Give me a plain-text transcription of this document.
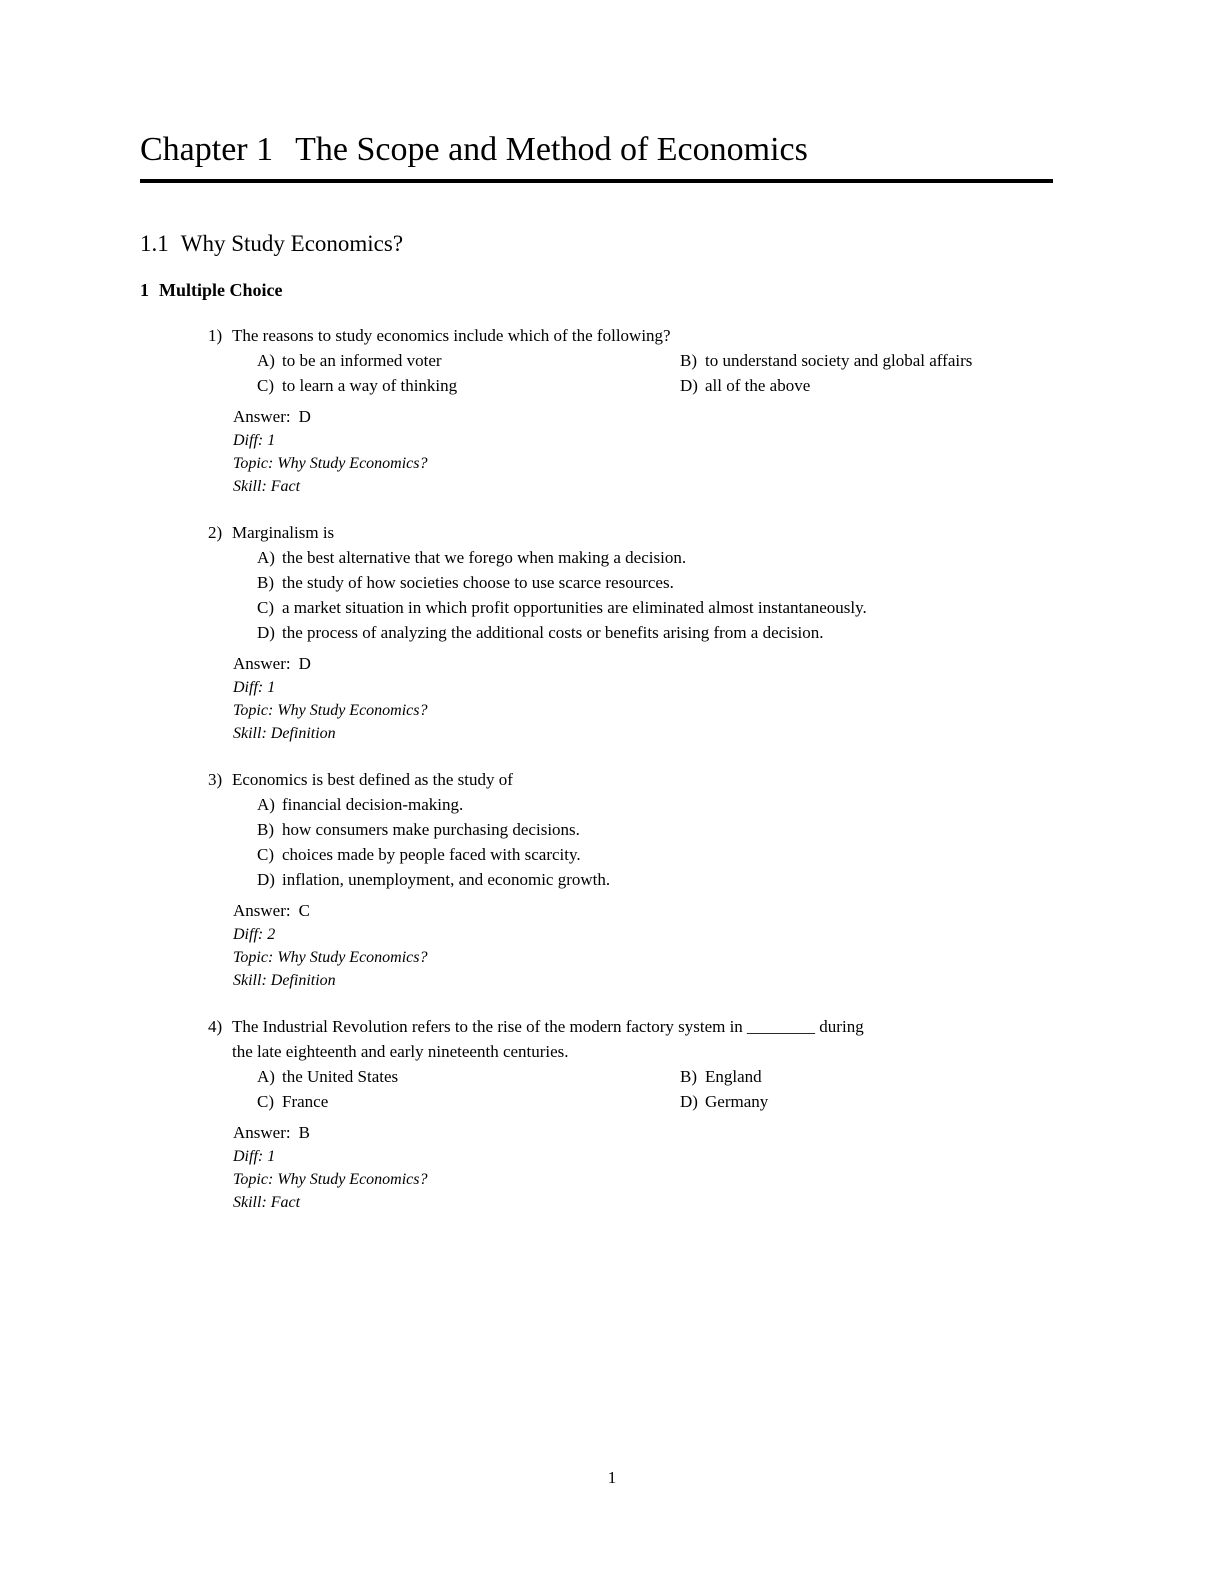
Chapter 1 The Scope and Method of Economics
1.1 Why Study Economics?
1 Multiple Choice
1) The reasons to study economics include which of the following?
A) to be an informed voter	B) to understand society and global affairs
C) to learn a way of thinking	D) all of the above
Answer: D
Diff: 1
Topic: Why Study Economics?
Skill: Fact
2) Marginalism is
A) the best alternative that we forego when making a decision.
B) the study of how societies choose to use scarce resources.
C) a market situation in which profit opportunities are eliminated almost instantaneously.
D) the process of analyzing the additional costs or benefits arising from a decision.
Answer: D
Diff: 1
Topic: Why Study Economics?
Skill: Definition
3) Economics is best defined as the study of
A) financial decision-making.
B) how consumers make purchasing decisions.
C) choices made by people faced with scarcity.
D) inflation, unemployment, and economic growth.
Answer: C
Diff: 2
Topic: Why Study Economics?
Skill: Definition
4) The Industrial Revolution refers to the rise of the modern factory system in ________ during
the late eighteenth and early nineteenth centuries.
A) the United States	B) England
C) France	D) Germany
Answer: B
Diff: 1
Topic: Why Study Economics?
Skill: Fact
1
